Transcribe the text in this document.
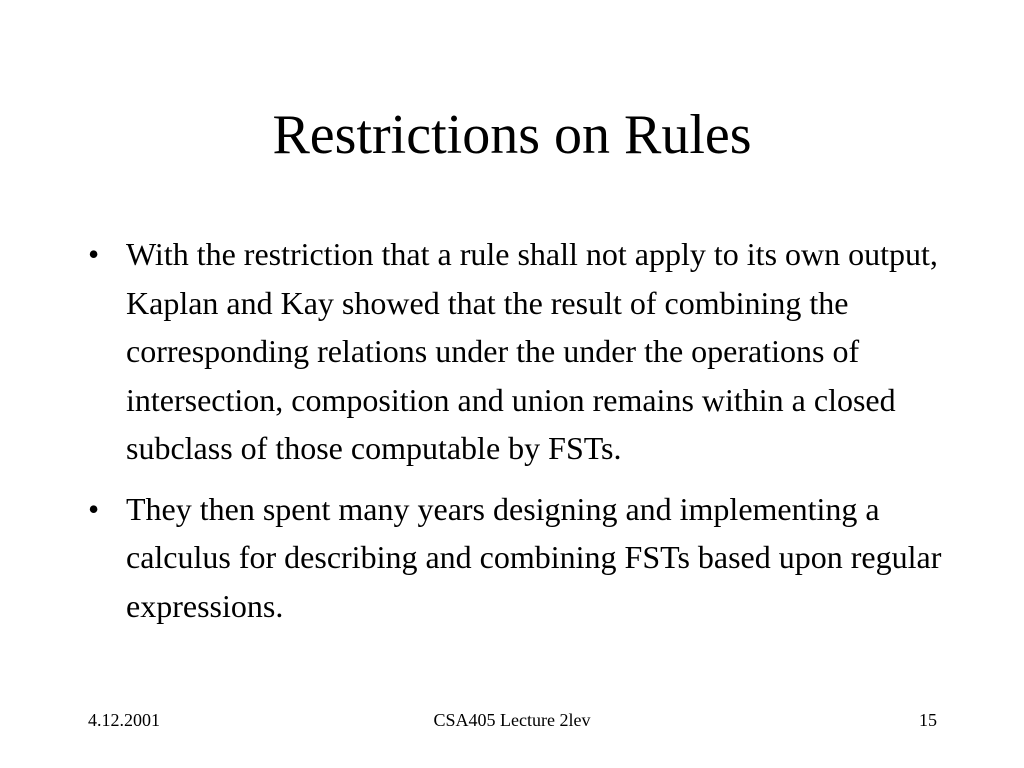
Restrictions on Rules
• With the restriction that a rule shall not apply to its own output, Kaplan and Kay showed that the result of combining the corresponding relations under the under the operations of intersection, composition and union remains within a closed subclass of those computable by FSTs.
• They then spent many years designing and implementing a calculus for describing and combining FSTs based upon regular expressions.
4.12.2001	CSA405 Lecture 2lev	15
